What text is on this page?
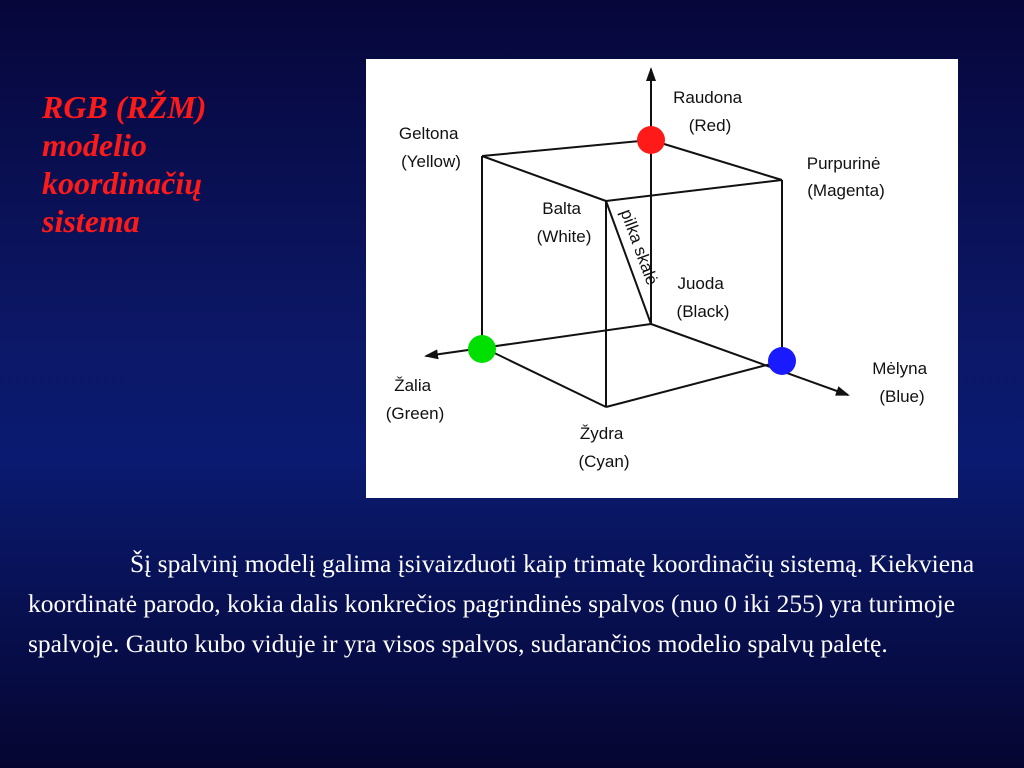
RGB (RŽM)
modelio
koordinačių
sistema
Raudona (Red)
Geltona (Yellow)	Purpurinė (Magenta)
Balta (White)
Juoda (Black)
Žalia (Green)
Mėlyna (Blue)
Žydra (Cyan)
pilka skalė

Šį spalvinį modelį galima įsivaizduoti kaip trimatę koordinačių sistemą. Kiekviena koordinatė parodo, kokia dalis konkrečios pagrindinės spalvos (nuo 0 iki 255) yra turimoje spalvoje. Gauto kubo viduje ir yra visos spalvos, sudarančios modelio spalvų paletę.
